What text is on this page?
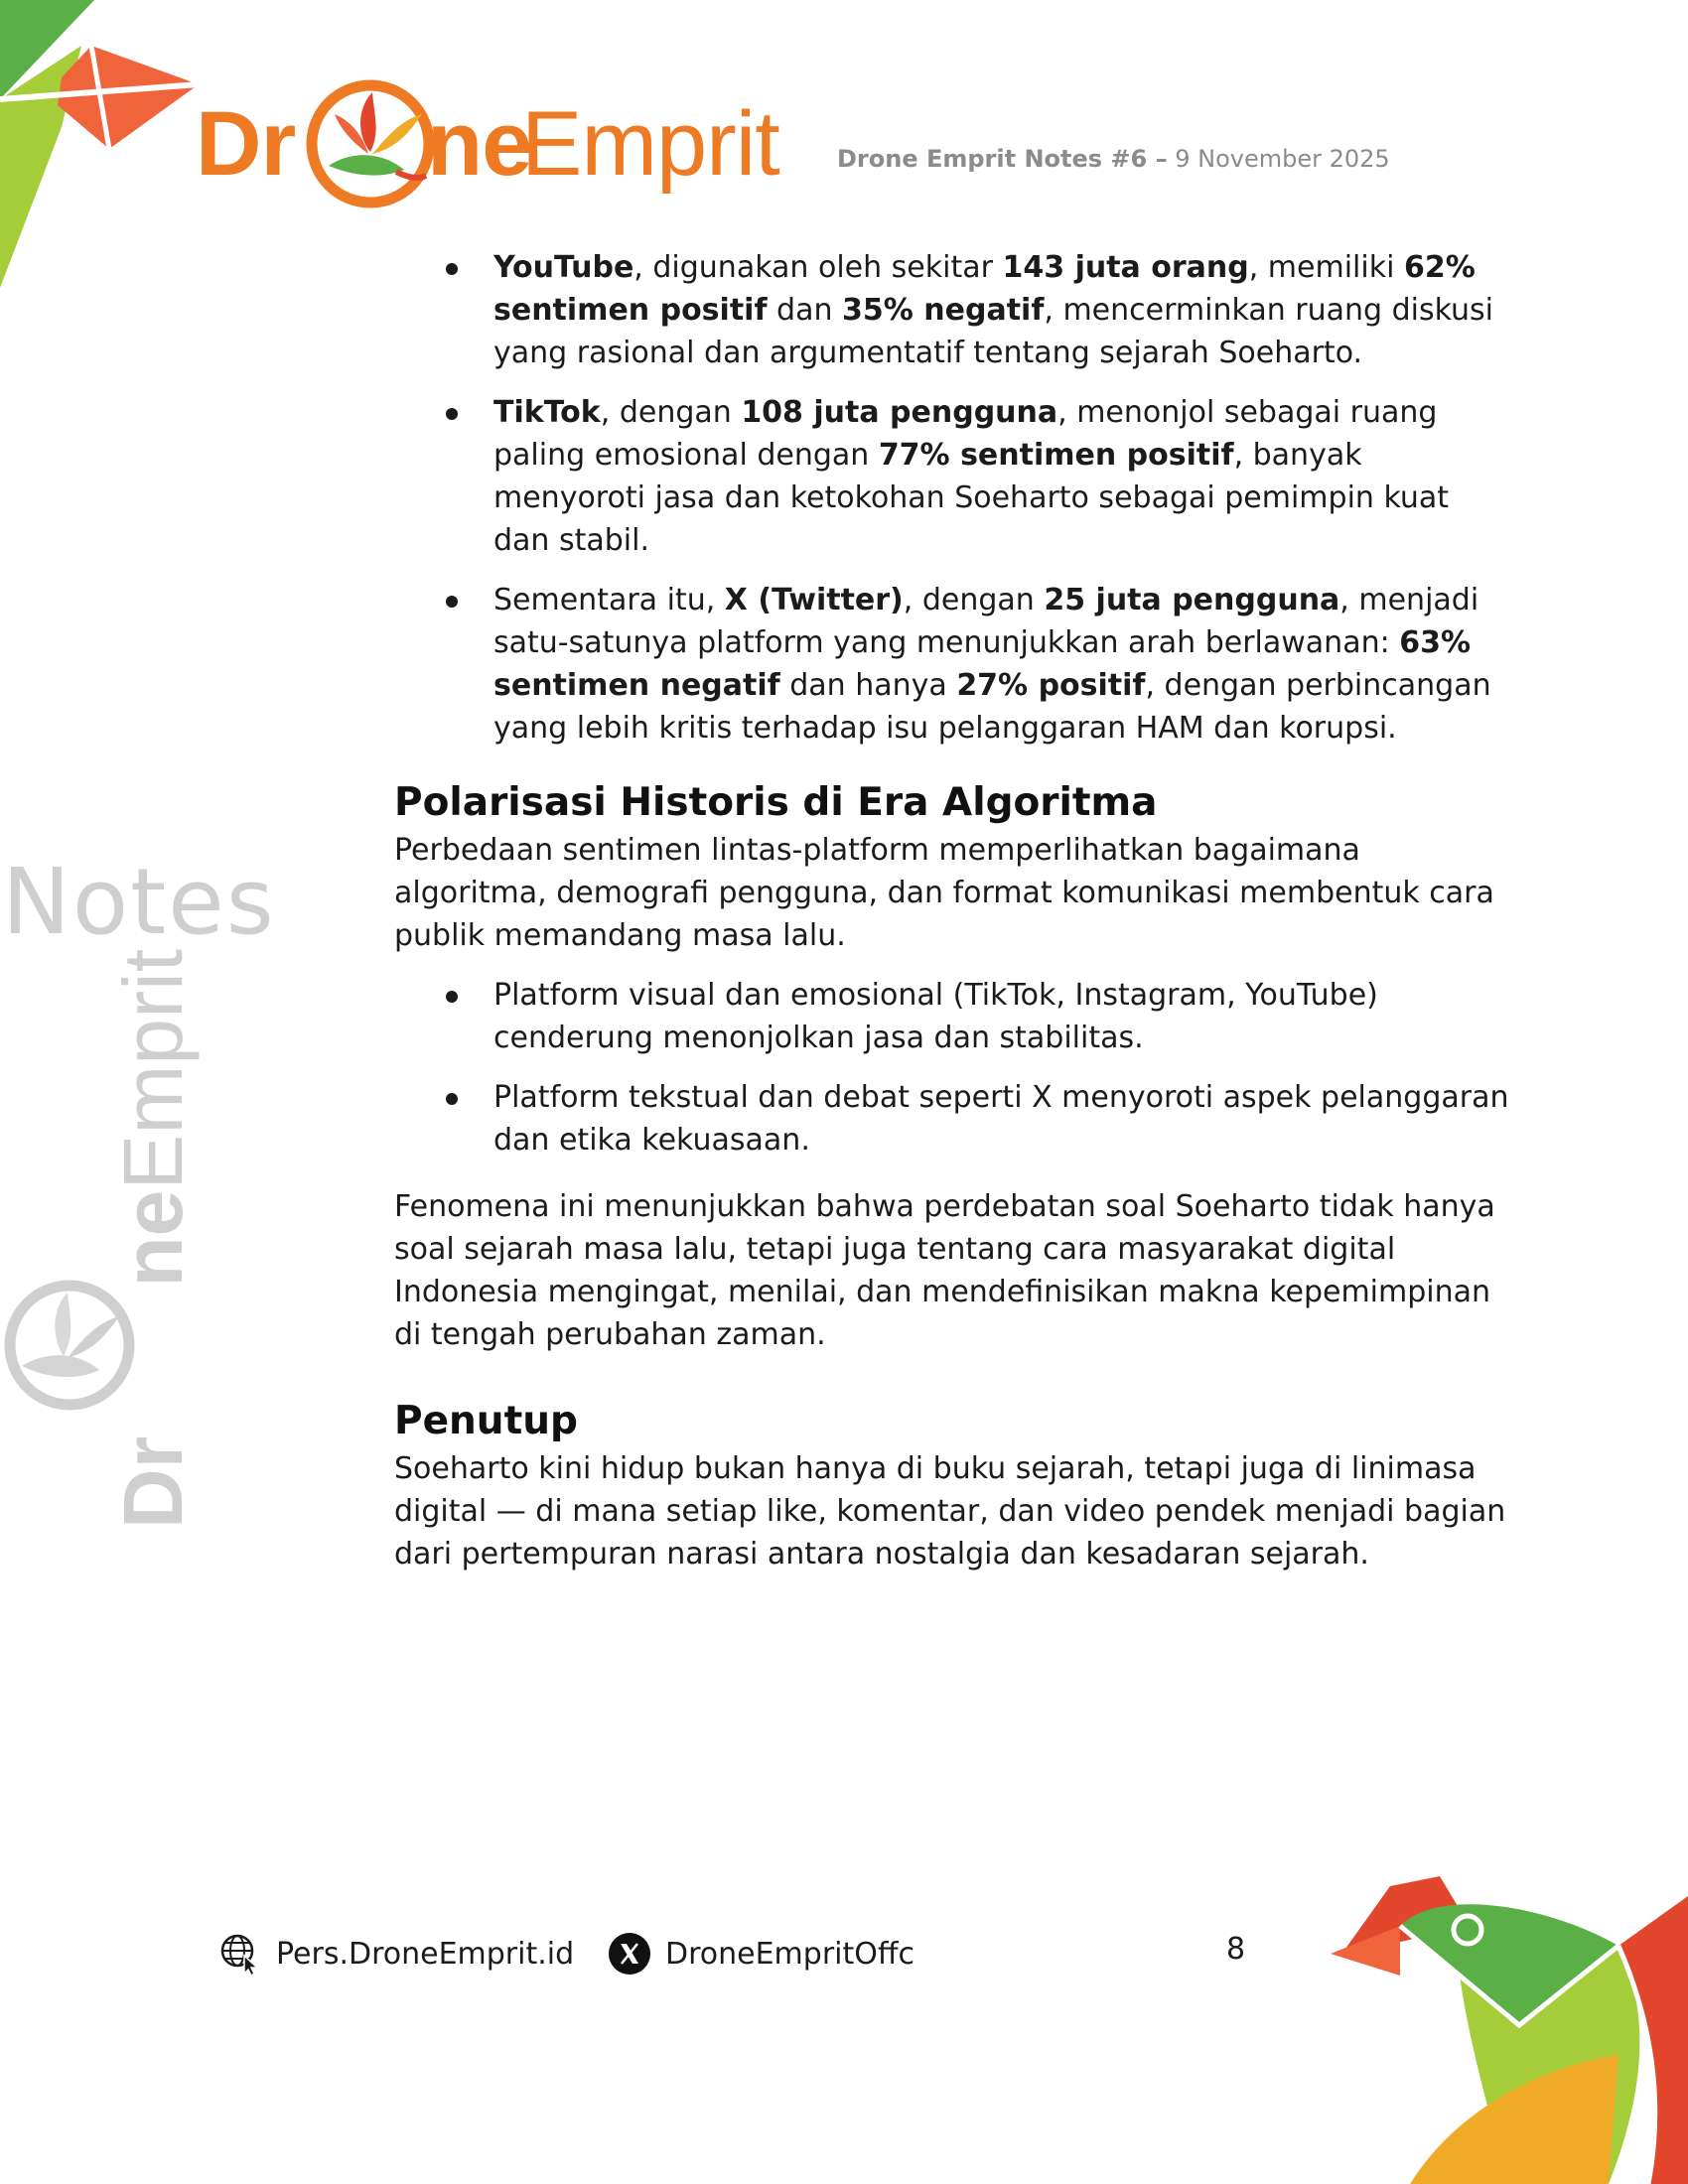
Dr ne
Emprit Drone Emprit Notes #6 – 9 November 2025
Notes
DrneEmprit
YouTube, digunakan oleh sekitar 143 juta orang, memiliki 62% sentimen positif dan 35% negatif, mencerminkan ruang diskusi yang rasional dan argumentatif tentang sejarah Soeharto.
TikTok, dengan 108 juta pengguna, menonjol sebagai ruang paling emosional dengan 77% sentimen positif, banyak menyoroti jasa dan ketokohan Soeharto sebagai pemimpin kuat dan stabil.
Sementara itu, X (Twitter), dengan 25 juta pengguna, menjadi satu-satunya platform yang menunjukkan arah berlawanan: 63% sentimen negatif dan hanya 27% positif, dengan perbincangan yang lebih kritis terhadap isu pelanggaran HAM dan korupsi.
Polarisasi Historis di Era Algoritma

Perbedaan sentimen lintas-platform memperlihatkan bagaimana algoritma, demografi pengguna, dan format komunikasi membentuk cara publik memandang masa lalu.

Platform visual dan emosional (TikTok, Instagram, YouTube) cenderung menonjolkan jasa dan stabilitas.
Platform tekstual dan debat seperti X menyoroti aspek pelanggaran dan etika kekuasaan.

Fenomena ini menunjukkan bahwa perdebatan soal Soeharto tidak hanya soal sejarah masa lalu, tetapi juga tentang cara masyarakat digital Indonesia mengingat, menilai, dan mendefinisikan makna kepemimpinan di tengah perubahan zaman.

Penutup

Soeharto kini hidup bukan hanya di buku sejarah, tetapi juga di linimasa digital — di mana setiap like, komentar, dan video pendek menjadi bagian dari pertempuran narasi antara nostalgia dan kesadaran sejarah.

Pers.DroneEmprit.id	DroneEmpritOffc	8
